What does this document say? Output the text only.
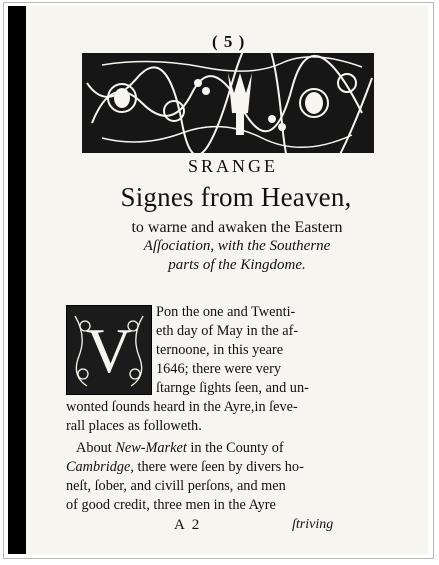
( 5 )
SRANGE
Signes from Heaven,
to warne and awaken the Eastern
Aſſociation, with the Southerne
parts of the Kingdome.
V
Pon the one and Twenti-
eth day of May in the af-
ternoone, in this yeare
1646; there were very
ſtarnge ſights ſeen, and un-
wonted ſounds heard in the Ayre,in ſeve-
rall places as followeth.
About New-Market in the County of
Cambridge, there were ſeen by divers ho-
neſt, ſober, and civill perſons, and men
of good credit, three men in the Ayre
A 2	ſtriving
